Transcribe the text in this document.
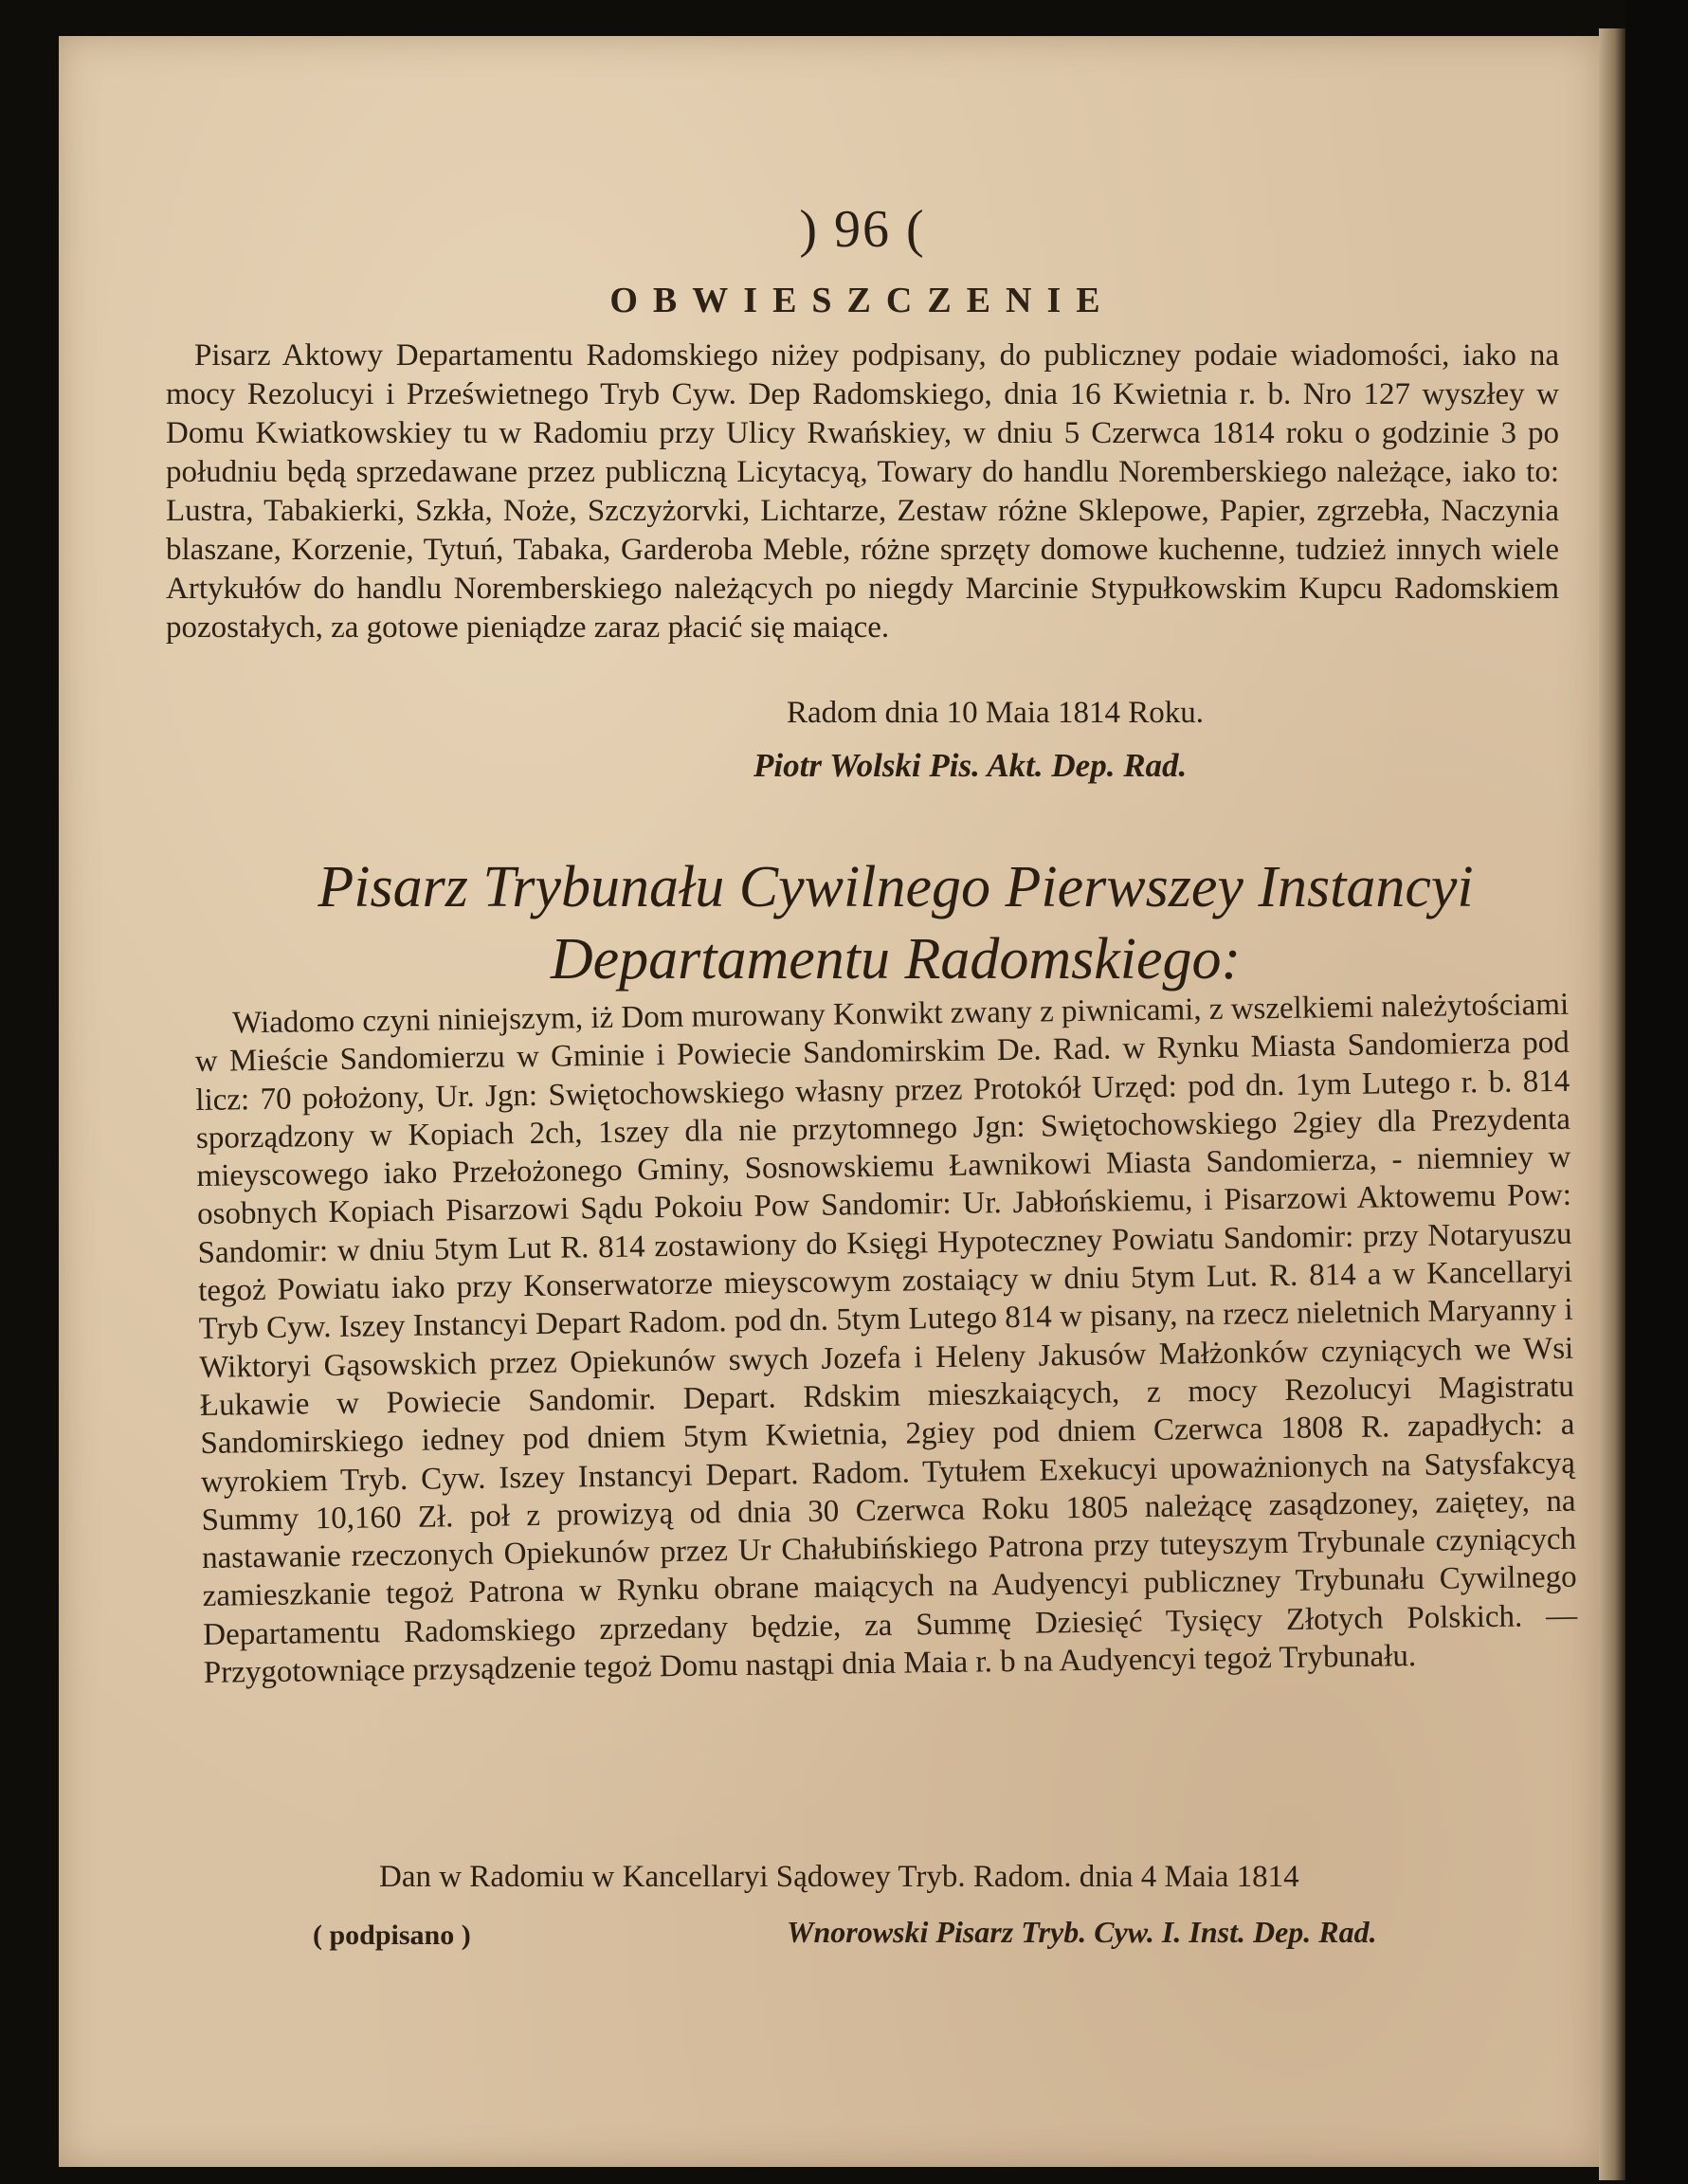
) 96 (
OBWIESZCZENIE

Pisarz Aktowy Departamentu Radomskiego niżey podpisany, do publiczney podaie wiadomości, iako na mocy Rezolucyi i Prześwietnego Tryb Cyw. Dep Radomskiego, dnia 16 Kwietnia r. b. Nro 127 wyszłey w Domu Kwiatkowskiey tu w Radomiu przy Ulicy Rwańskiey, w dniu 5 Czerwca 1814 roku o godzinie 3 po południu będą sprzedawane przez publiczną Licytacyą, Towary do handlu Noremberskiego należące, iako to: Lustra, Tabakierki, Szkła, Noże, Szczyżorvki, Lichtarze, Zestaw różne Sklepowe, Papier, zgrzebła, Naczynia blaszane, Korzenie, Tytuń, Tabaka, Garderoba Meble, różne sprzęty domowe kuchenne, tudzież innych wiele Artykułów do handlu Noremberskiego należących po niegdy Marcinie Stypułkowskim Kupcu Radomskiem pozostałych, za gotowe pieniądze zaraz płacić się maiące.

Radom dnia 10 Maia 1814 Roku.
Piotr Wolski Pis. Akt. Dep. Rad.
Pisarz Trybunału Cywilnego Pierwszey Instancyi
Departamentu Radomskiego:

Wiadomo czyni niniejszym, iż Dom murowany Konwikt zwany z piwnicami, z wszelkiemi należytościami w Mieście Sandomierzu w Gminie i Powiecie Sandomirskim De. Rad. w Rynku Miasta Sandomierza pod licz: 70 położony, Ur. Jgn: Swiętochowskiego własny przez Protokół Urzęd: pod dn. 1ym Lutego r. b. 814 sporządzony w Kopiach 2ch, 1szey dla nie przytomnego Jgn: Swiętochowskiego 2giey dla Prezydenta mieyscowego iako Przełożonego Gminy, Sosnowskiemu Ławnikowi Miasta Sandomierza, - niemniey w osobnych Kopiach Pisarzowi Sądu Pokoiu Pow Sandomir: Ur. Jabłońskiemu, i Pisarzowi Aktowemu Pow: Sandomir: w dniu 5tym Lut R. 814 zostawiony do Księgi Hypoteczney Powiatu Sandomir: przy Notaryuszu tegoż Powiatu iako przy Konserwatorze mieyscowym zostaiący w dniu 5tym Lut. R. 814 a w Kancellaryi Tryb Cyw. Iszey Instancyi Depart Radom. pod dn. 5tym Lutego 814 w pisany, na rzecz nieletnich Maryanny i Wiktoryi Gąsowskich przez Opiekunów swych Jozefa i Heleny Jakusów Małżonków czyniących we Wsi Łukawie w Powiecie Sandomir. Depart. Rdskim mieszkaiących, z mocy Rezolucyi Magistratu Sandomirskiego iedney pod dniem 5tym Kwietnia, 2giey pod dniem Czerwca 1808 R. zapadłych: a wyrokiem Tryb. Cyw. Iszey Instancyi Depart. Radom. Tytułem Exekucyi upoważnionych na Satysfakcyą Summy 10,160 Zł. poł z prowizyą od dnia 30 Czerwca Roku 1805 należącę zasądzoney, zaiętey, na nastawanie rzeczonych Opiekunów przez Ur Chałubińskiego Patrona przy tuteyszym Trybunale czyniących zamieszkanie tegoż Patrona w Rynku obrane maiących na Audyencyi publiczney Trybunału Cywilnego Departamentu Radomskiego zprzedany będzie, za Summę Dziesięć Tysięcy Złotych Polskich. — Przygotowniące przysądzenie tegoż Domu nastąpi dnia Maia r. b na Audyencyi tegoż Trybunału.

Dan w Radomiu w Kancellaryi Sądowey Tryb. Radom. dnia 4 Maia 1814
( podpisano )	Wnorowski Pisarz Tryb. Cyw. I. Inst. Dep. Rad.
